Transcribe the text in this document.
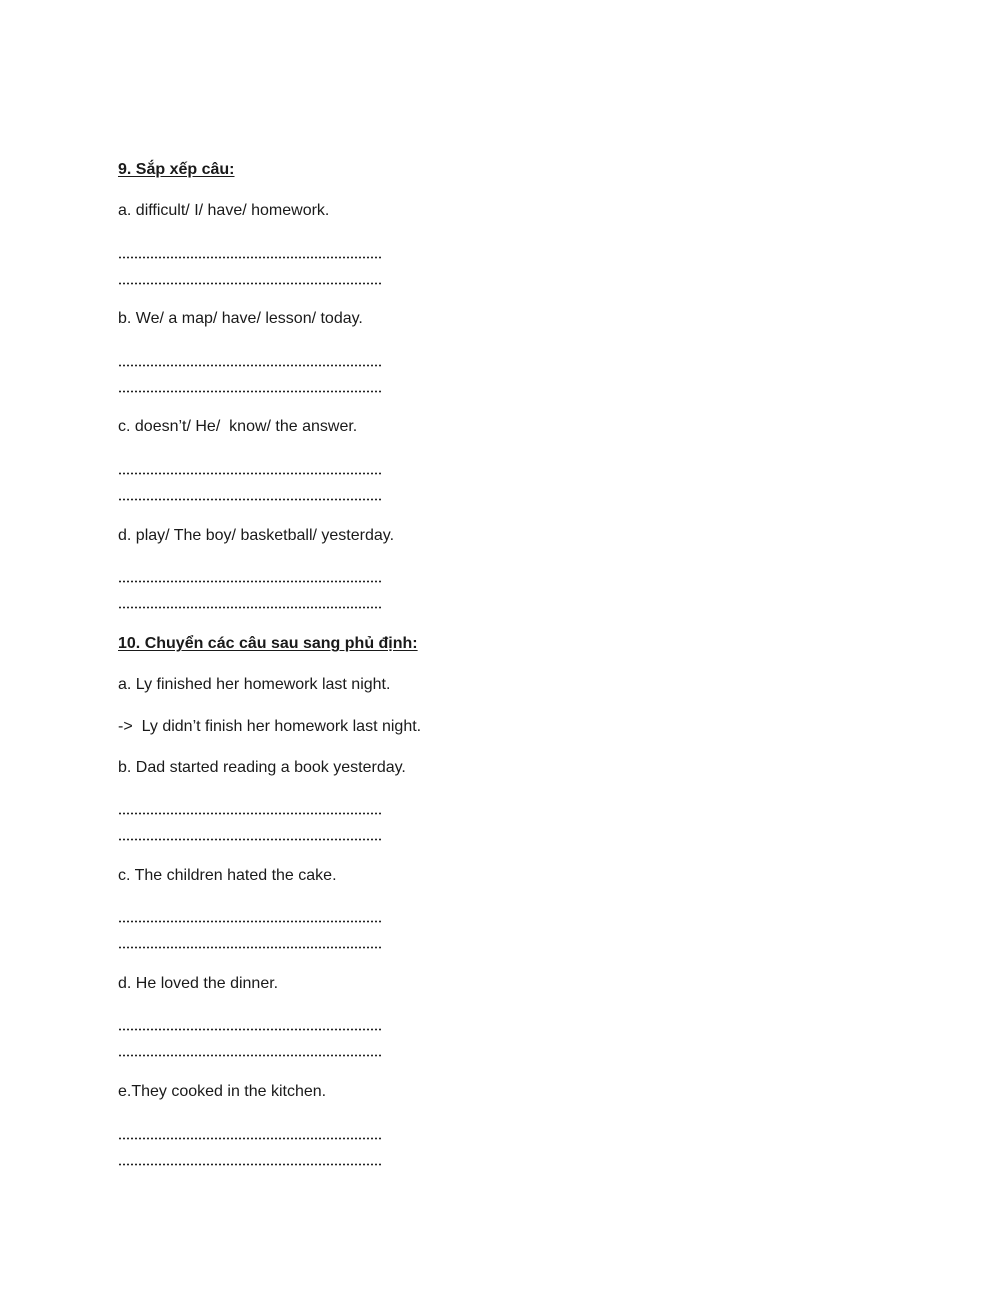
9. Sắp xếp câu:
a. difficult/ I/ have/ homework.
b. We/ a map/ have/ lesson/ today.
c. doesn’t/ He/  know/ the answer.
d. play/ The boy/ basketball/ yesterday.
10. Chuyển các câu sau sang phủ định:
a. Ly finished her homework last night.
->  Ly didn’t finish her homework last night.
b. Dad started reading a book yesterday.
c. The children hated the cake.
d. He loved the dinner.
e.They cooked in the kitchen.
